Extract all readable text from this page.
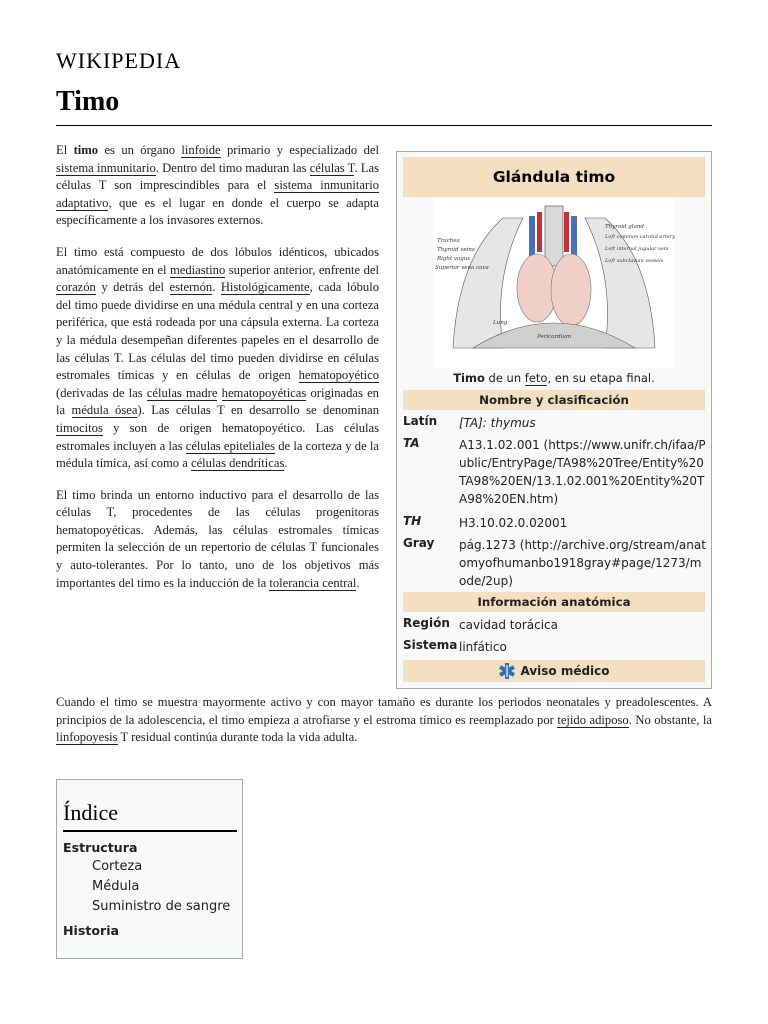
WIKIPEDIA
Timo

El timo es un órgano linfoide primario y especializado del sistema inmunitario. Dentro del timo maduran las células T. Las células T son imprescindibles para el sistema inmunitario adaptativo, que es el lugar en donde el cuerpo se adapta específicamente a los invasores externos.

El timo está compuesto de dos lóbulos idénticos, ubicados anatómicamente en el mediastino superior anterior, enfrente del corazón y detrás del esternón. Histológicamente, cada lóbulo del timo puede dividirse en una médula central y en una corteza periférica, que está rodeada por una cápsula externa. La corteza y la médula desempeñan diferentes papeles en el desarrollo de las células T. Las células del timo pueden dividirse en células estromales tímicas y en células de origen hematopoyético (derivadas de las células madre hematopoyéticas originadas en la médula ósea). Las células T en desarrollo se denominan timocitos y son de origen hematopoyético. Las células estromales incluyen a las células epiteliales de la corteza y de la médula tímica, así como a células dendríticas.

El timo brinda un entorno inductivo para el desarrollo de las células T, procedentes de las células progenitoras hematopoyéticas. Además, las células estromales tímicas permiten la selección de un repertorio de células T funcionales y auto-tolerantes. Por lo tanto, uno de los objetivos más importantes del timo es la inducción de la tolerancia central.

Cuando el timo se muestra mayormente activo y con mayor tamaño es durante los periodos neonatales y preadolescentes. A principios de la adolescencia, el timo empieza a atrofiarse y el estroma tímico es reemplazado por tejido adiposo. No obstante, la linfopoyesis T residual continúa durante toda la vida adulta.
Glándula timo
Trachea
Thyroid veins
Right vagus
Superior vena cava
Thyroid gland
Left common carotid artery
Left internal jugular vein
Left subclavian vessels
Lung
Pericardium
Timo de un feto, en su etapa final.
Nombre y clasificación
Latín [TA]: thymus
TA	A13.1.02.001 (https://www.unifr.ch/ifaa/Public/EntryPage/TA98%20Tree/Entity%20TA98%20EN/13.1.02.001%20Entity%20TA98%20EN.htm)
TH	H3.10.02.0.02001
Gray pág.1273 (http://archive.org/stream/anatomyofhumanbo1918gray#page/1273/mode/2up)
Información anatómica
Región cavidad torácica
Sistema linfático
Aviso médico
Índice
Estructura
Corteza
Médula
Suministro de sangre
Historia
